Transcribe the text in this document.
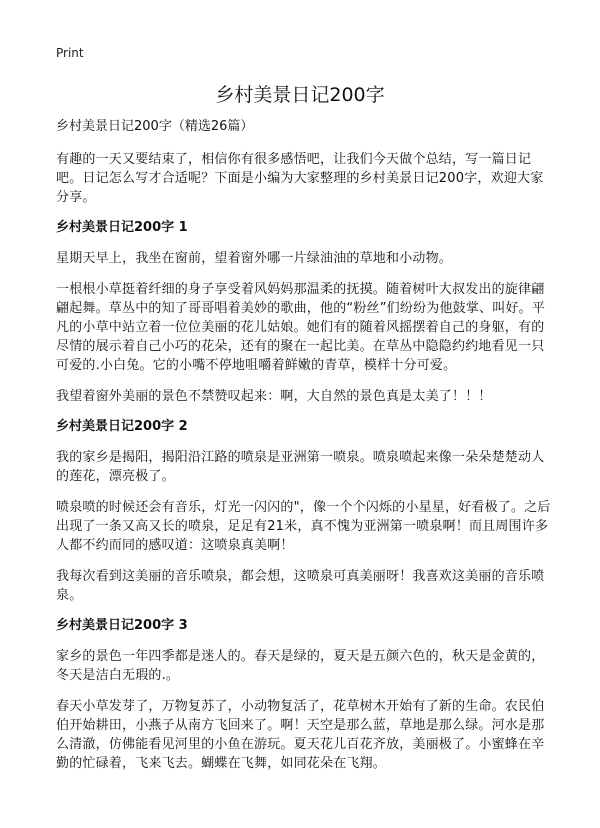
Print
乡村美景日记200字
乡村美景日记200字（精选26篇）

有趣的一天又要结束了，相信你有很多感悟吧，让我们今天做个总结，写一篇日记吧。日记怎么写才合适呢？下面是小编为大家整理的乡村美景日记200字，欢迎大家分享。

乡村美景日记200字 1

星期天早上，我坐在窗前，望着窗外哪一片绿油油的草地和小动物。

一根根小草挺着纤细的身子享受着风妈妈那温柔的抚摸。随着树叶大叔发出的旋律翩翩起舞。草丛中的知了哥哥唱着美妙的歌曲，他的“粉丝”们纷纷为他鼓掌、叫好。平凡的小草中站立着一位位美丽的花儿姑娘。她们有的随着风摇摆着自己的身躯，有的尽情的展示着自己小巧的花朵，还有的聚在一起比美。在草丛中隐隐约约地看见一只可爱的.小白兔。它的小嘴不停地咀嚼着鲜嫩的青草，模样十分可爱。

我望着窗外美丽的景色不禁赞叹起来：啊，大自然的景色真是太美了！！！

乡村美景日记200字 2

我的家乡是揭阳，揭阳沿江路的喷泉是亚洲第一喷泉。喷泉喷起来像一朵朵楚楚动人的莲花，漂亮极了。

喷泉喷的时候还会有音乐，灯光一闪闪的"，像一个个闪烁的小星星，好看极了。之后出现了一条又高又长的喷泉，足足有21米，真不愧为亚洲第一喷泉啊！而且周围许多人都不约而同的感叹道：这喷泉真美啊！

我每次看到这美丽的音乐喷泉，都会想，这喷泉可真美丽呀！我喜欢这美丽的音乐喷泉。

乡村美景日记200字 3

家乡的景色一年四季都是迷人的。春天是绿的，夏天是五颜六色的，秋天是金黄的，冬天是洁白无瑕的.。

春天小草发芽了，万物复苏了，小动物复活了，花草树木开始有了新的生命。农民伯伯开始耕田，小燕子从南方飞回来了。啊！天空是那么蓝，草地是那么绿。河水是那么清澈，仿佛能看见河里的小鱼在游玩。夏天花儿百花齐放，美丽极了。小蜜蜂在辛勤的忙碌着，飞来飞去。蝴蝶在飞舞，如同花朵在飞翔。
